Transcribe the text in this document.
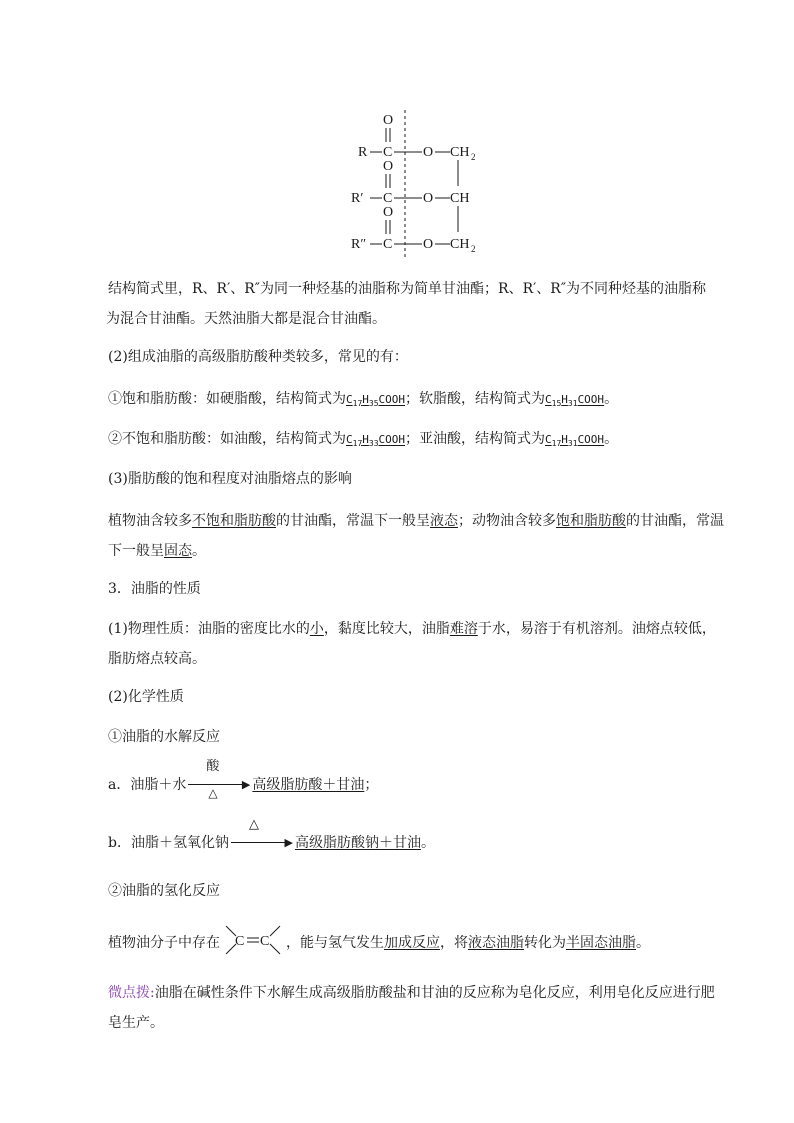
O
R C O CH 2
O
R′ C O CH
O
R″ C O CH 2
结构简式里，R、R′、R″为同一种烃基的油脂称为简单甘油酯；R、R′、R″为不同种烃基的油脂称
为混合甘油酯。天然油脂大都是混合甘油酯。
(2)组成油脂的高级脂肪酸种类较多，常见的有：
①饱和脂肪酸：如硬脂酸，结构简式为$C_{17}H_{35}COOH$；软脂酸，结构简式为$C_{15}H_{31}COOH$。
②不饱和脂肪酸：如油酸，结构简式为$C_{17}H_{33}COOH$；亚油酸，结构简式为$C_{17}H_{31}COOH$。
(3)脂肪酸的饱和程度对油脂熔点的影响
植物油含较多不饱和脂肪酸的甘油酯，常温下一般呈液态；动物油含较多饱和脂肪酸的甘油酯，常温
下一般呈固态。
3．油脂的性质
(1)物理性质：油脂的密度比水的小，黏度比较大，油脂难溶于水，易溶于有机溶剂。油熔点较低，
脂肪熔点较高。
(2)化学性质
①油脂的水解反应
a．油脂＋水
酸
▶
△ 高级脂肪酸＋甘油；
b．油脂＋氢氧化钠
△
▶ 高级脂肪酸钠＋甘油。
②油脂的氢化反应
植物油分子中存在 C C ，能与氢气发生加成反应，将液态油脂转化为半固态油脂。
微点拨:油脂在碱性条件下水解生成高级脂肪酸盐和甘油的反应称为皂化反应，利用皂化反应进行肥
皂生产。
